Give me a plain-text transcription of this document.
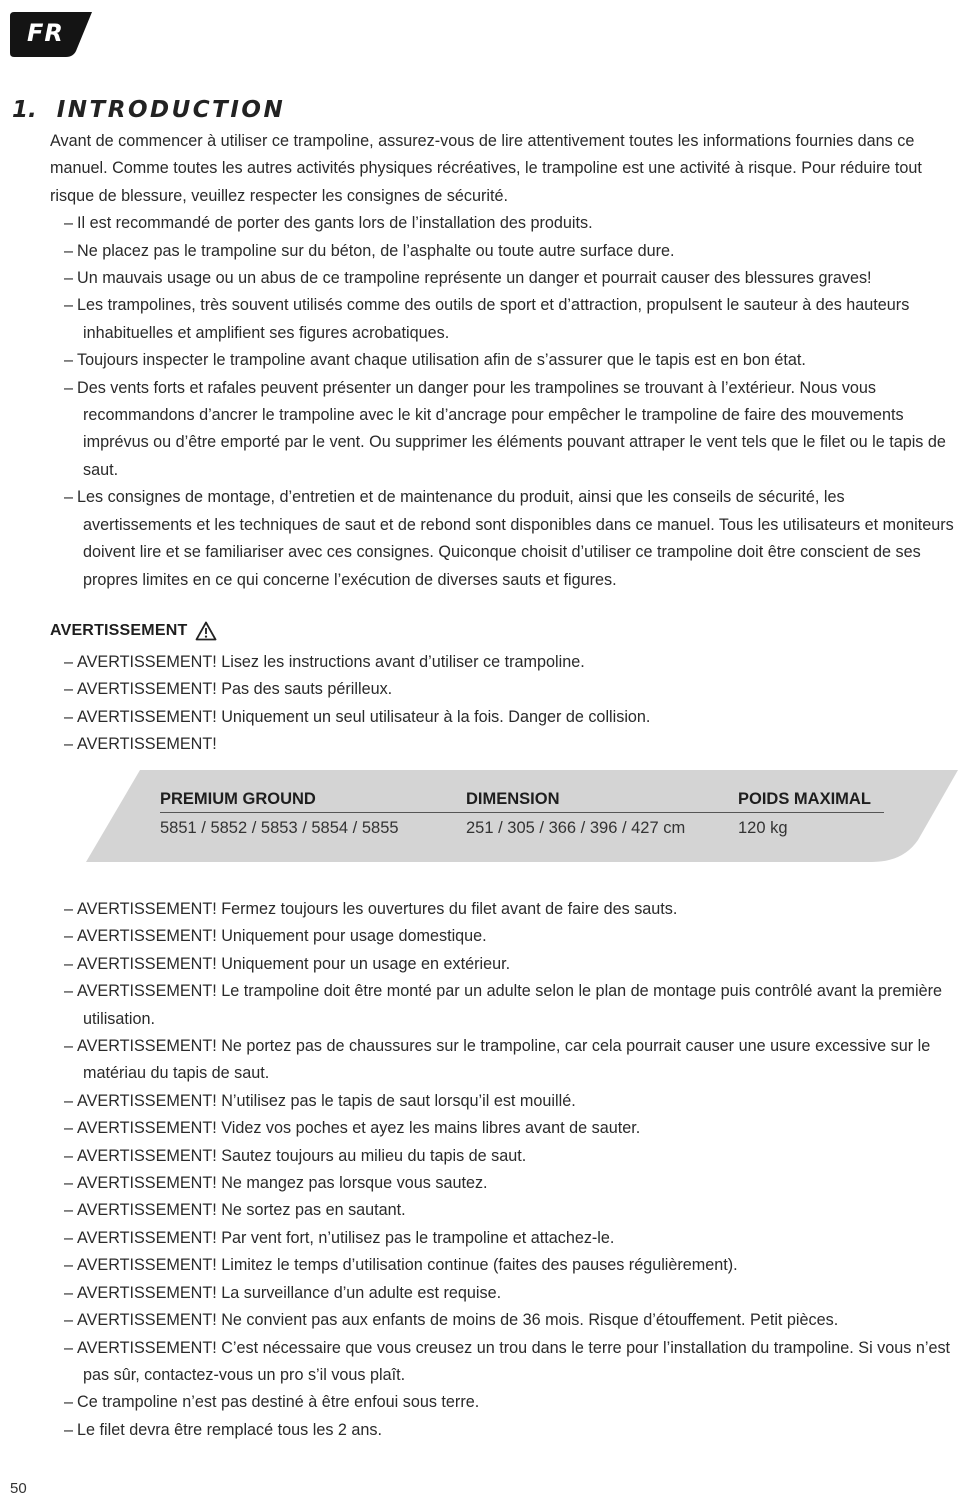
FR
1. INTRODUCTION

Avant de commencer à utiliser ce trampoline, assurez-vous de lire attentivement toutes les informations fournies dans ce manuel. Comme toutes les autres activités physiques récréatives, le trampoline est une activité à risque. Pour réduire tout risque de blessure, veuillez respecter les consignes de sécurité.

– Il est recommandé de porter des gants lors de l’installation des produits.
– Ne placez pas le trampoline sur du béton, de l’asphalte ou toute autre surface dure.
– Un mauvais usage ou un abus de ce trampoline représente un danger et pourrait causer des blessures graves!
– Les trampolines, très souvent utilisés comme des outils de sport et d’attraction, propulsent le sauteur à des hauteurs inhabituelles et amplifient ses figures acrobatiques.
– Toujours inspecter le trampoline avant chaque utilisation afin de s’assurer que le tapis est en bon état.
– Des vents forts et rafales peuvent présenter un danger pour les trampolines se trouvant à l’extérieur. Nous vous recommandons d’ancrer le trampoline avec le kit d’ancrage pour empêcher le trampoline de faire des mouvements imprévus ou d’être emporté par le vent. Ou supprimer les éléments pouvant attraper le vent tels que le filet ou le tapis de saut.
– Les consignes de montage, d’entretien et de maintenance du produit, ainsi que les conseils de sécurité, les avertissements et les techniques de saut et de rebond sont disponibles dans ce manuel. Tous les utilisateurs et moniteurs doivent lire et se familiariser avec ces consignes. Quiconque choisit d’utiliser ce trampoline doit être conscient de ses propres limites en ce qui concerne l’exécution de diverses sauts et figures.
AVERTISSEMENT
– AVERTISSEMENT! Lisez les instructions avant d’utiliser ce trampoline.
– AVERTISSEMENT! Pas des sauts périlleux.
– AVERTISSEMENT! Uniquement un seul utilisateur à la fois. Danger de collision.
– AVERTISSEMENT!
PREMIUM GROUND
5851 / 5852 / 5853 / 5854 / 5855
DIMENSION
251 / 305 / 366 / 396 / 427 cm
POIDS MAXIMAL
120 kg
– AVERTISSEMENT! Fermez toujours les ouvertures du filet avant de faire des sauts.
– AVERTISSEMENT! Uniquement pour usage domestique.
– AVERTISSEMENT! Uniquement pour un usage en extérieur.
– AVERTISSEMENT! Le trampoline doit être monté par un adulte selon le plan de montage puis contrôlé avant la première utilisation.
– AVERTISSEMENT! Ne portez pas de chaussures sur le trampoline, car cela pourrait causer une usure excessive sur le matériau du tapis de saut.
– AVERTISSEMENT! N’utilisez pas le tapis de saut lorsqu’il est mouillé.
– AVERTISSEMENT! Videz vos poches et ayez les mains libres avant de sauter.
– AVERTISSEMENT! Sautez toujours au milieu du tapis de saut.
– AVERTISSEMENT! Ne mangez pas lorsque vous sautez.
– AVERTISSEMENT! Ne sortez pas en sautant.
– AVERTISSEMENT! Par vent fort, n’utilisez pas le trampoline et attachez-le.
– AVERTISSEMENT! Limitez le temps d’utilisation continue (faites des pauses régulièrement).
– AVERTISSEMENT! La surveillance d’un adulte est requise.
– AVERTISSEMENT! Ne convient pas aux enfants de moins de 36 mois. Risque d’étouffement. Petit pièces.
– AVERTISSEMENT! C’est nécessaire que vous creusez un trou dans le terre pour l’installation du trampoline. Si vous n’est pas sûr, contactez-vous un pro s’il vous plaît.
– Ce trampoline n’est pas destiné à être enfoui sous terre.
– Le filet devra être remplacé tous les 2 ans.

50
